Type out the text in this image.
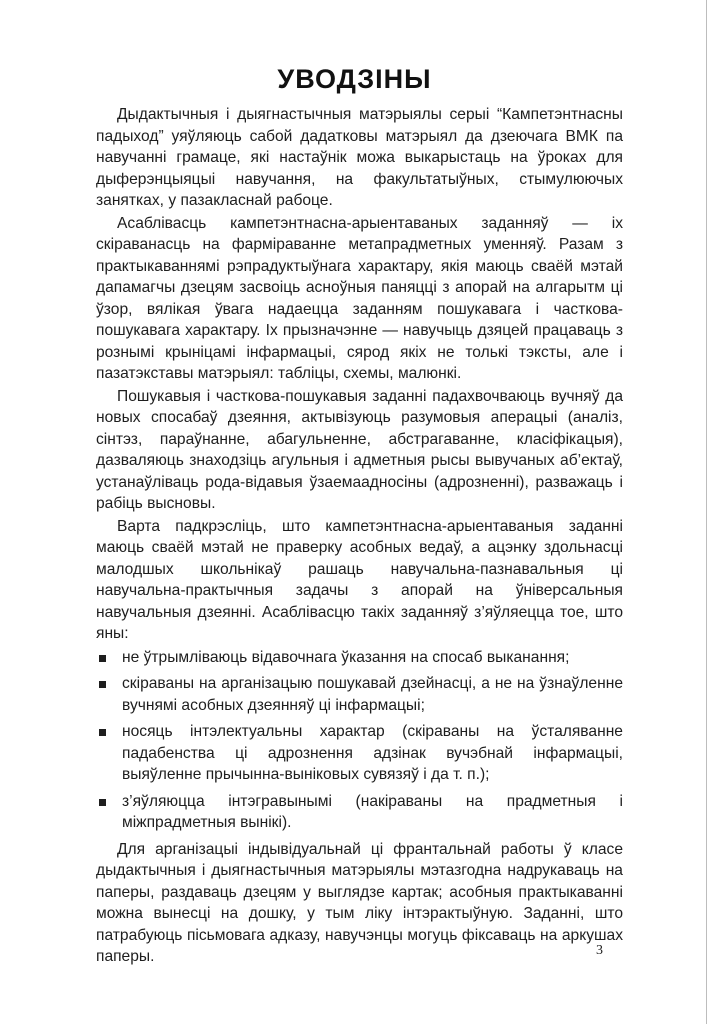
УВОДЗІНЫ

Дыдактычныя і дыягнастычныя матэрыялы серыі “Кампетэнтнасны падыход” уяўляюць сабой дадатковы матэрыял да дзеючага ВМК па навучанні грамаце, які настаўнік можа выкарыстаць на ўроках для дыферэнцыяцыі навучання, на факультатыўных, стымулюючых занятках, у пазакласнай рабоце.

Асаблівасць кампетэнтнасна-арыентаваных заданняў — іх скіраванасць на фарміраванне метапрадметных уменняў. Разам з практыкаваннямі рэпрадуктыўнага характару, якія маюць сваёй мэтай дапамагчы дзецям засвоіць асноўныя паняцці з апорай на алгарытм ці ўзор, вялікая ўвага надаецца заданням пошукавага і часткова-пошукавага характару. Іх прызначэнне — навучыць дзяцей працаваць з рознымі крыніцамі інфармацыі, сярод якіх не толькі тэксты, але і пазатэкставы матэрыял: табліцы, схемы, малюнкі.

Пошукавыя і часткова-пошукавыя заданні падахвочваюць вучняў да новых спосабаў дзеяння, актывізуюць разумовыя аперацыі (аналіз, сінтэз, параўнанне, абагульненне, абстрагаванне, класіфікацыя), дазваляюць знаходзіць агульныя і адметныя рысы вывучаных аб’ектаў, устанаўліваць рода-відавыя ўзаемаадносіны (адрозненні), разважаць і рабіць высновы.

Варта падкрэсліць, што кампетэнтнасна-арыентаваныя заданні маюць сваёй мэтай не праверку асобных ведаў, а ацэнку здольнасці малодшых школьнікаў рашаць навучальна-пазнавальныя ці навучальна-практычныя задачы з апорай на ўніверсальныя навучальныя дзеянні. Асаблівасцю такіх заданняў з’яўляецца тое, што яны:

не ўтрымліваюць відавочнага ўказання на спосаб выканання;
скіраваны на арганізацыю пошукавай дзейнасці, а не на ўзнаўленне вучнямі асобных дзеянняў ці інфармацыі;
носяць інтэлектуальны характар (скіраваны на ўсталяванне падабенства ці адрознення адзінак вучэбнай інфармацыі, выяўленне прычынна-выніковых сувязяў і да т. п.);
з’яўляюцца інтэгравынымі (накіраваны на прадметныя і міжпрадметныя вынікі).

Для арганізацыі індывідуальнай ці франтальнай работы ў класе дыдактычныя і дыягнастычныя матэрыялы мэтазгодна надрукаваць на паперы, раздаваць дзецям у выглядзе картак; асобныя практыкаванні можна вынесці на дошку, у тым ліку інтэрактыўную. Заданні, што патрабуюць пісьмовага адказу, навучэнцы могуць фіксаваць на аркушах паперы.	3
